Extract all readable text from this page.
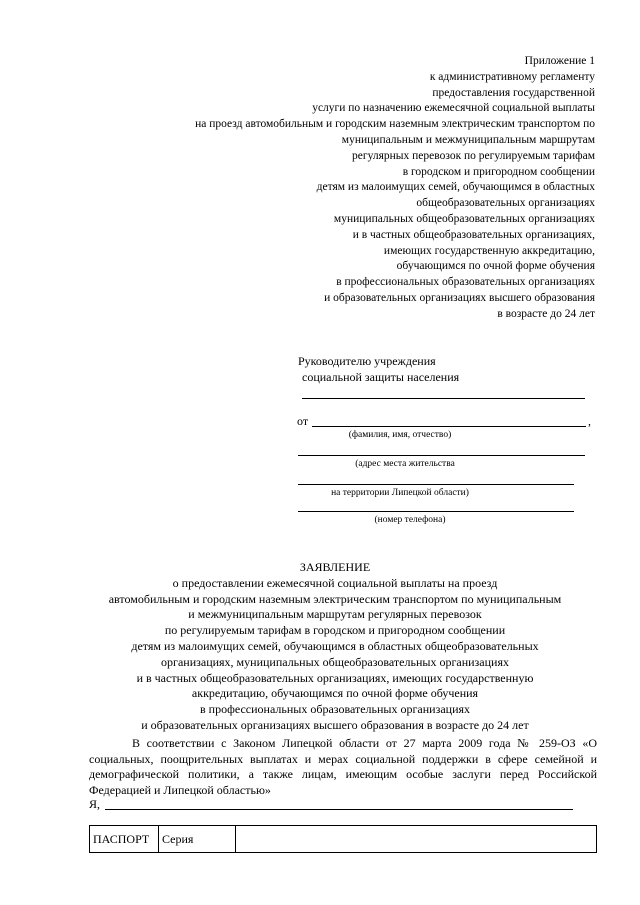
Приложение 1
к административному регламенту
предоставления государственной
услуги по назначению ежемесячной социальной выплаты
на проезд автомобильным и городским наземным электрическим транспортом по
муниципальным и межмуниципальным маршрутам
регулярных перевозок по регулируемым тарифам
в городском и пригородном сообщении
детям из малоимущих семей, обучающимся в областных
общеобразовательных организациях
муниципальных общеобразовательных организациях
и в частных общеобразовательных организациях,
имеющих государственную аккредитацию,
обучающимся по очной форме обучения
в профессиональных образовательных организациях
и образовательных организациях высшего образования
в возрасте до 24 лет
Руководителю учреждения
социальной защиты населения
от	,
(фамилия, имя, отчество)
(адрес места жительства
на территории Липецкой области)
(номер телефона)
ЗАЯВЛЕНИЕ
о предоставлении ежемесячной социальной выплаты на проезд
автомобильным и городским наземным электрическим транспортом по муниципальным
и межмуниципальным маршрутам регулярных перевозок
по регулируемым тарифам в городском и пригородном сообщении
детям из малоимущих семей, обучающимся в областных общеобразовательных
организациях, муниципальных общеобразовательных организациях
и в частных общеобразовательных организациях, имеющих государственную
аккредитацию, обучающимся по очной форме обучения
в профессиональных образовательных организациях
и образовательных организациях высшего образования в возрасте до 24 лет
В соответствии с Законом Липецкой области от 27 марта 2009 года № 259-ОЗ «О социальных, поощрительных выплатах и мерах социальной поддержки в сфере семейной и демографической политики, а также лицам, имеющим особые заслуги перед Российской Федерацией и Липецкой областью»
Я,
ПАСПОРТ	Серия	
